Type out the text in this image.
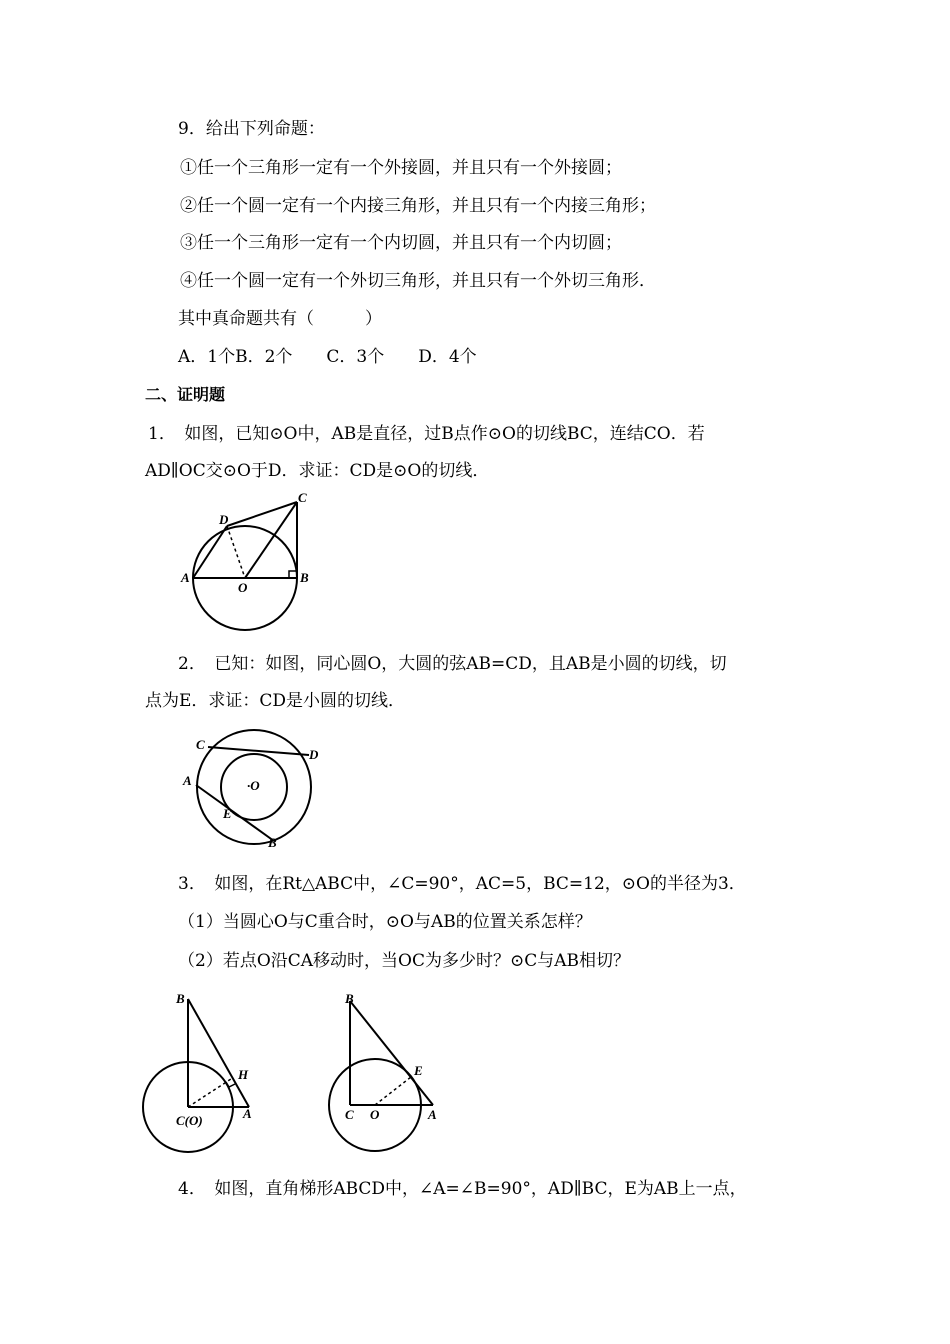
9．给出下列命题：
①任一个三角形一定有一个外接圆，并且只有一个外接圆；
②任一个圆一定有一个内接三角形，并且只有一个内接三角形；
③任一个三角形一定有一个内切圆，并且只有一个内切圆；
④任一个圆一定有一个外切三角形，并且只有一个外切三角形．
其中真命题共有（　　　）
A．1个B．2个　　C．3个　　D．4个
二、证明题
1．　如图，已知⊙O中，AB是直径，过B点作⊙O的切线BC，连结CO．若
AD∥OC交⊙O于D．求证：CD是⊙O的切线．
A	B
C
D
O
2．　已知：如图，同心圆O，大圆的弦AB=CD，且AB是小圆的切线，切
点为E．求证：CD是小圆的切线．
C
D
A
E
B
·O
3．　如图，在Rt△ABC中，∠C=90°，AC=5，BC=12，⊙O的半径为3．
（1）当圆心O与C重合时，⊙O与AB的位置关系怎样？
（2）若点O沿CA移动时，当OC为多少时？⊙C与AB相切？
B
H
C(O)	A
B
E
C O	A
4．　如图，直角梯形ABCD中，∠A=∠B=90°，AD∥BC，E为AB上一点，
